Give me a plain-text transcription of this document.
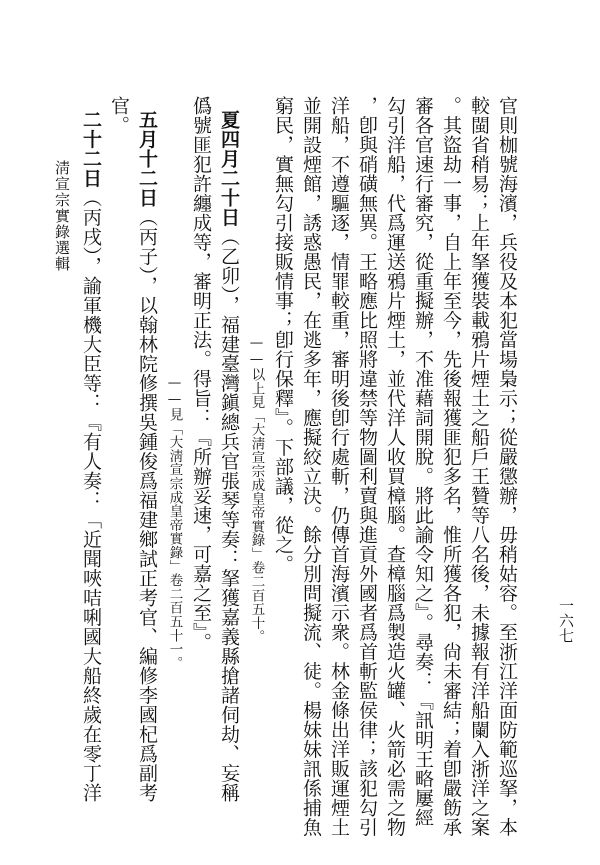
淸宣宗實錄選輯
一六七
官則枷號海濱，兵役及本犯當場梟示；從嚴懲辦，毋稍姑容。至浙江洋面防範巡拏，本
較閩省稍易；上年拏獲裝載鴉片煙土之船戶王贊等八名後，未據報有洋船闌入浙洋之案
。其盜劫一事，自上年至今，先後報獲匪犯多名，惟所獲各犯，尙未審結；着卽嚴飭承
審各官速行審究，從重擬辦，不准藉詞開脫。將此諭令知之』。尋奏：『訊明王略屢經
勾引洋船，代爲運送鴉片煙土，並代洋人收買樟腦。查樟腦爲製造火罐、火箭必需之物
，卽與硝磺無異。王略應比照將違禁等物圖利賣與進貢外國者爲首斬監侯律；該犯勾引
洋船，不遵驅逐，情罪較重，審明後卽行處斬，仍傳首海濱示衆。林金條出洋販運煙土
並開設煙館，誘惑愚民，在逃多年，應擬絞立決。餘分別問擬流、徒。楊妹妹訊係捕魚
窮民，實無勾引接販情事；卽行保釋』。下部議，從之。
——以上見「大淸宣宗成皇帝實錄」卷二百五十。
夏四月二十日（乙卯），福建臺灣鎭總兵官張琴等奏：拏獲嘉義縣搶諸伺劫、妄稱
僞號匪犯許纏成等，審明正法。得旨：『所辦妥速，可嘉之至』。
——見「大淸宣宗成皇帝實錄」卷二百五十一。
五月十二日（丙子），以翰林院修撰吳鍾俊爲福建鄉試正考官、編修李國杞爲副考
官。
二十二日（丙戌），諭軍機大臣等：『有人奏：「近聞唊咭唎國大船終歲在零丁洋
